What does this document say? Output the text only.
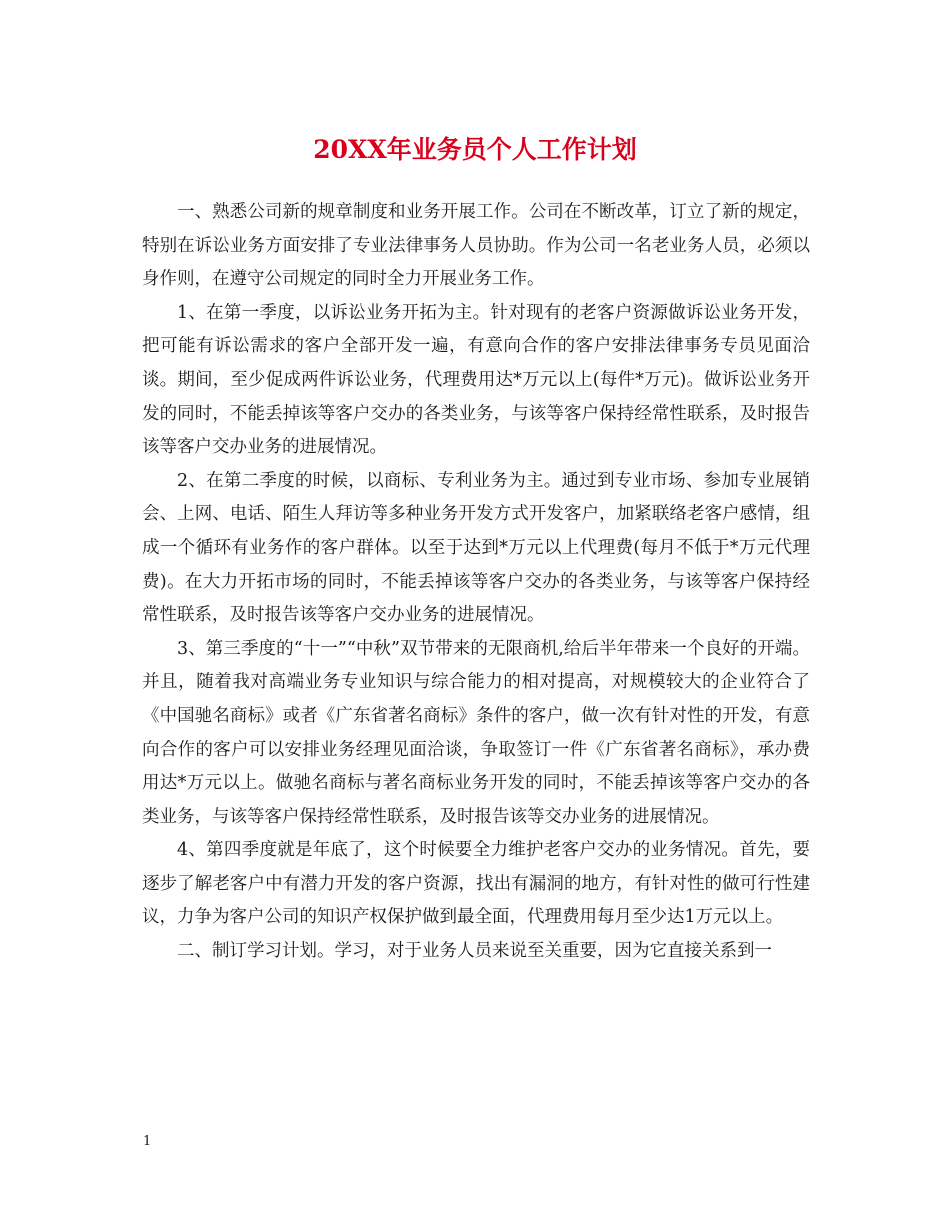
20XX年业务员个人工作计划

一、熟悉公司新的规章制度和业务开展工作。公司在不断改革，订立了新的规定，特别在诉讼业务方面安排了专业法律事务人员协助。作为公司一名老业务人员，必须以身作则，在遵守公司规定的同时全力开展业务工作。

1、在第一季度，以诉讼业务开拓为主。针对现有的老客户资源做诉讼业务开发，把可能有诉讼需求的客户全部开发一遍，有意向合作的客户安排法律事务专员见面洽谈。期间，至少促成两件诉讼业务，代理费用达*万元以上(每件*万元)。做诉讼业务开发的同时，不能丢掉该等客户交办的各类业务，与该等客户保持经常性联系，及时报告该等客户交办业务的进展情况。

2、在第二季度的时候，以商标、专利业务为主。通过到专业市场、参加专业展销会、上网、电话、陌生人拜访等多种业务开发方式开发客户，加紧联络老客户感情，组成一个循环有业务作的客户群体。以至于达到*万元以上代理费(每月不低于*万元代理费)。在大力开拓市场的同时，不能丢掉该等客户交办的各类业务，与该等客户保持经常性联系，及时报告该等客户交办业务的进展情况。

3、第三季度的“十一”“中秋”双节带来的无限商机,给后半年带来一个良好的开端。并且，随着我对高端业务专业知识与综合能力的相对提高，对规模较大的企业符合了《中国驰名商标》或者《广东省著名商标》条件的客户，做一次有针对性的开发，有意向合作的客户可以安排业务经理见面洽谈，争取签订一件《广东省著名商标》，承办费用达*万元以上。做驰名商标与著名商标业务开发的同时，不能丢掉该等客户交办的各类业务，与该等客户保持经常性联系，及时报告该等交办业务的进展情况。

4、第四季度就是年底了，这个时候要全力维护老客户交办的业务情况。首先，要逐步了解老客户中有潜力开发的客户资源，找出有漏洞的地方，有针对性的做可行性建议，力争为客户公司的知识产权保护做到最全面，代理费用每月至少达1万元以上。

二、制订学习计划。学习，对于业务人员来说至关重要，因为它直接关系到一

1
